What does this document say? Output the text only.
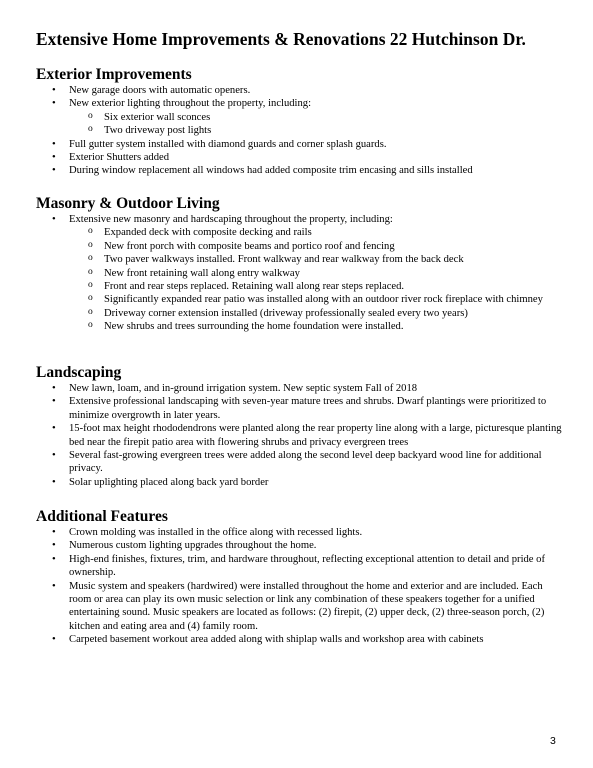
Extensive Home Improvements & Renovations 22 Hutchinson Dr.
Exterior Improvements
• New garage doors with automatic openers.
• New exterior lighting throughout the property, including:
o Six exterior wall sconces
o Two driveway post lights
• Full gutter system installed with diamond guards and corner splash guards.
• Exterior Shutters added
• During window replacement all windows had added composite trim encasing and sills installed
Masonry & Outdoor Living
• Extensive new masonry and hardscaping throughout the property, including:
o Expanded deck with composite decking and rails
o New front porch with composite beams and portico roof and fencing
o Two paver walkways installed. Front walkway and rear walkway from the back deck
o New front retaining wall along entry walkway
o Front and rear steps replaced. Retaining wall along rear steps replaced.
o Significantly expanded rear patio was installed along with an outdoor river rock fireplace with chimney
o Driveway corner extension installed (driveway professionally sealed every two years)
o New shrubs and trees surrounding the home foundation were installed.
Landscaping
• New lawn, loam, and in-ground irrigation system. New septic system Fall of 2018
• Extensive professional landscaping with seven-year mature trees and shrubs. Dwarf plantings were prioritized to minimize overgrowth in later years.
• 15-foot max height rhododendrons were planted along the rear property line along with a large, picturesque planting bed near the firepit patio area with flowering shrubs and privacy evergreen trees
• Several fast-growing evergreen trees were added along the second level deep backyard wood line for additional privacy.
• Solar uplighting placed along back yard border
Additional Features
• Crown molding was installed in the office along with recessed lights.
• Numerous custom lighting upgrades throughout the home.
• High-end finishes, fixtures, trim, and hardware throughout, reflecting exceptional attention to detail and pride of ownership.
• Music system and speakers (hardwired) were installed throughout the home and exterior and are included. Each room or area can play its own music selection or link any combination of these speakers together for a unified entertaining sound. Music speakers are located as follows: (2) firepit, (2) upper deck, (2) three-season porch, (2) kitchen and eating area and (4) family room.
• Carpeted basement workout area added along with shiplap walls and workshop area with cabinets
3
